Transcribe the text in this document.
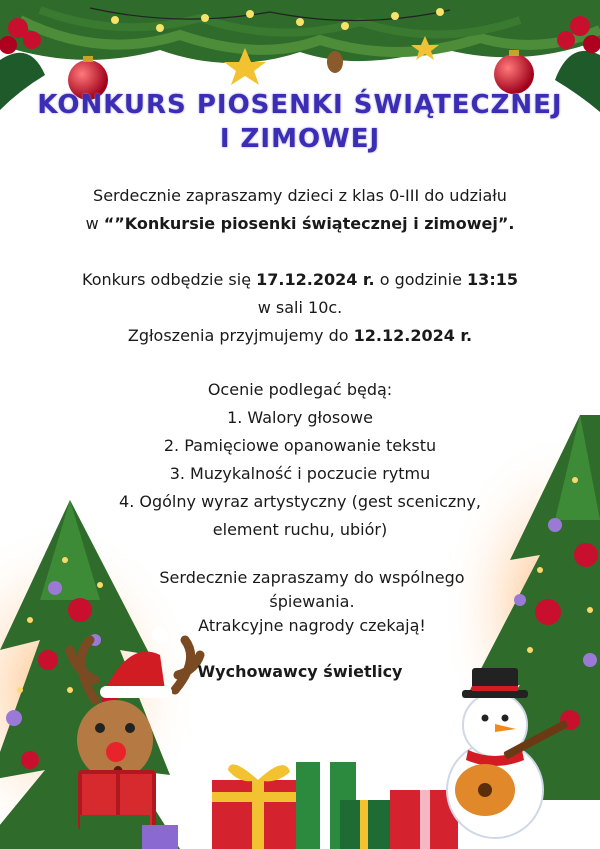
KONKURS PIOSENKI ŚWIĄTECZNEJ
I ZIMOWEJ
Serdecznie zapraszamy dzieci z klas 0-III do udziału
w “”Konkursie piosenki świątecznej i zimowej”.
Konkurs odbędzie się 17.12.2024 r. o godzinie 13:15
w sali 10c.
Zgłoszenia przyjmujemy do 12.12.2024 r.
Ocenie podlegać będą:
1. Walory głosowe
2. Pamięciowe opanowanie tekstu
3. Muzykalność i poczucie rytmu
4. Ogólny wyraz artystyczny (gest sceniczny,
element ruchu, ubiór)
Serdecznie zapraszamy do wspólnego
śpiewania.
Atrakcyjne nagrody czekają!
Wychowawcy świetlicy
